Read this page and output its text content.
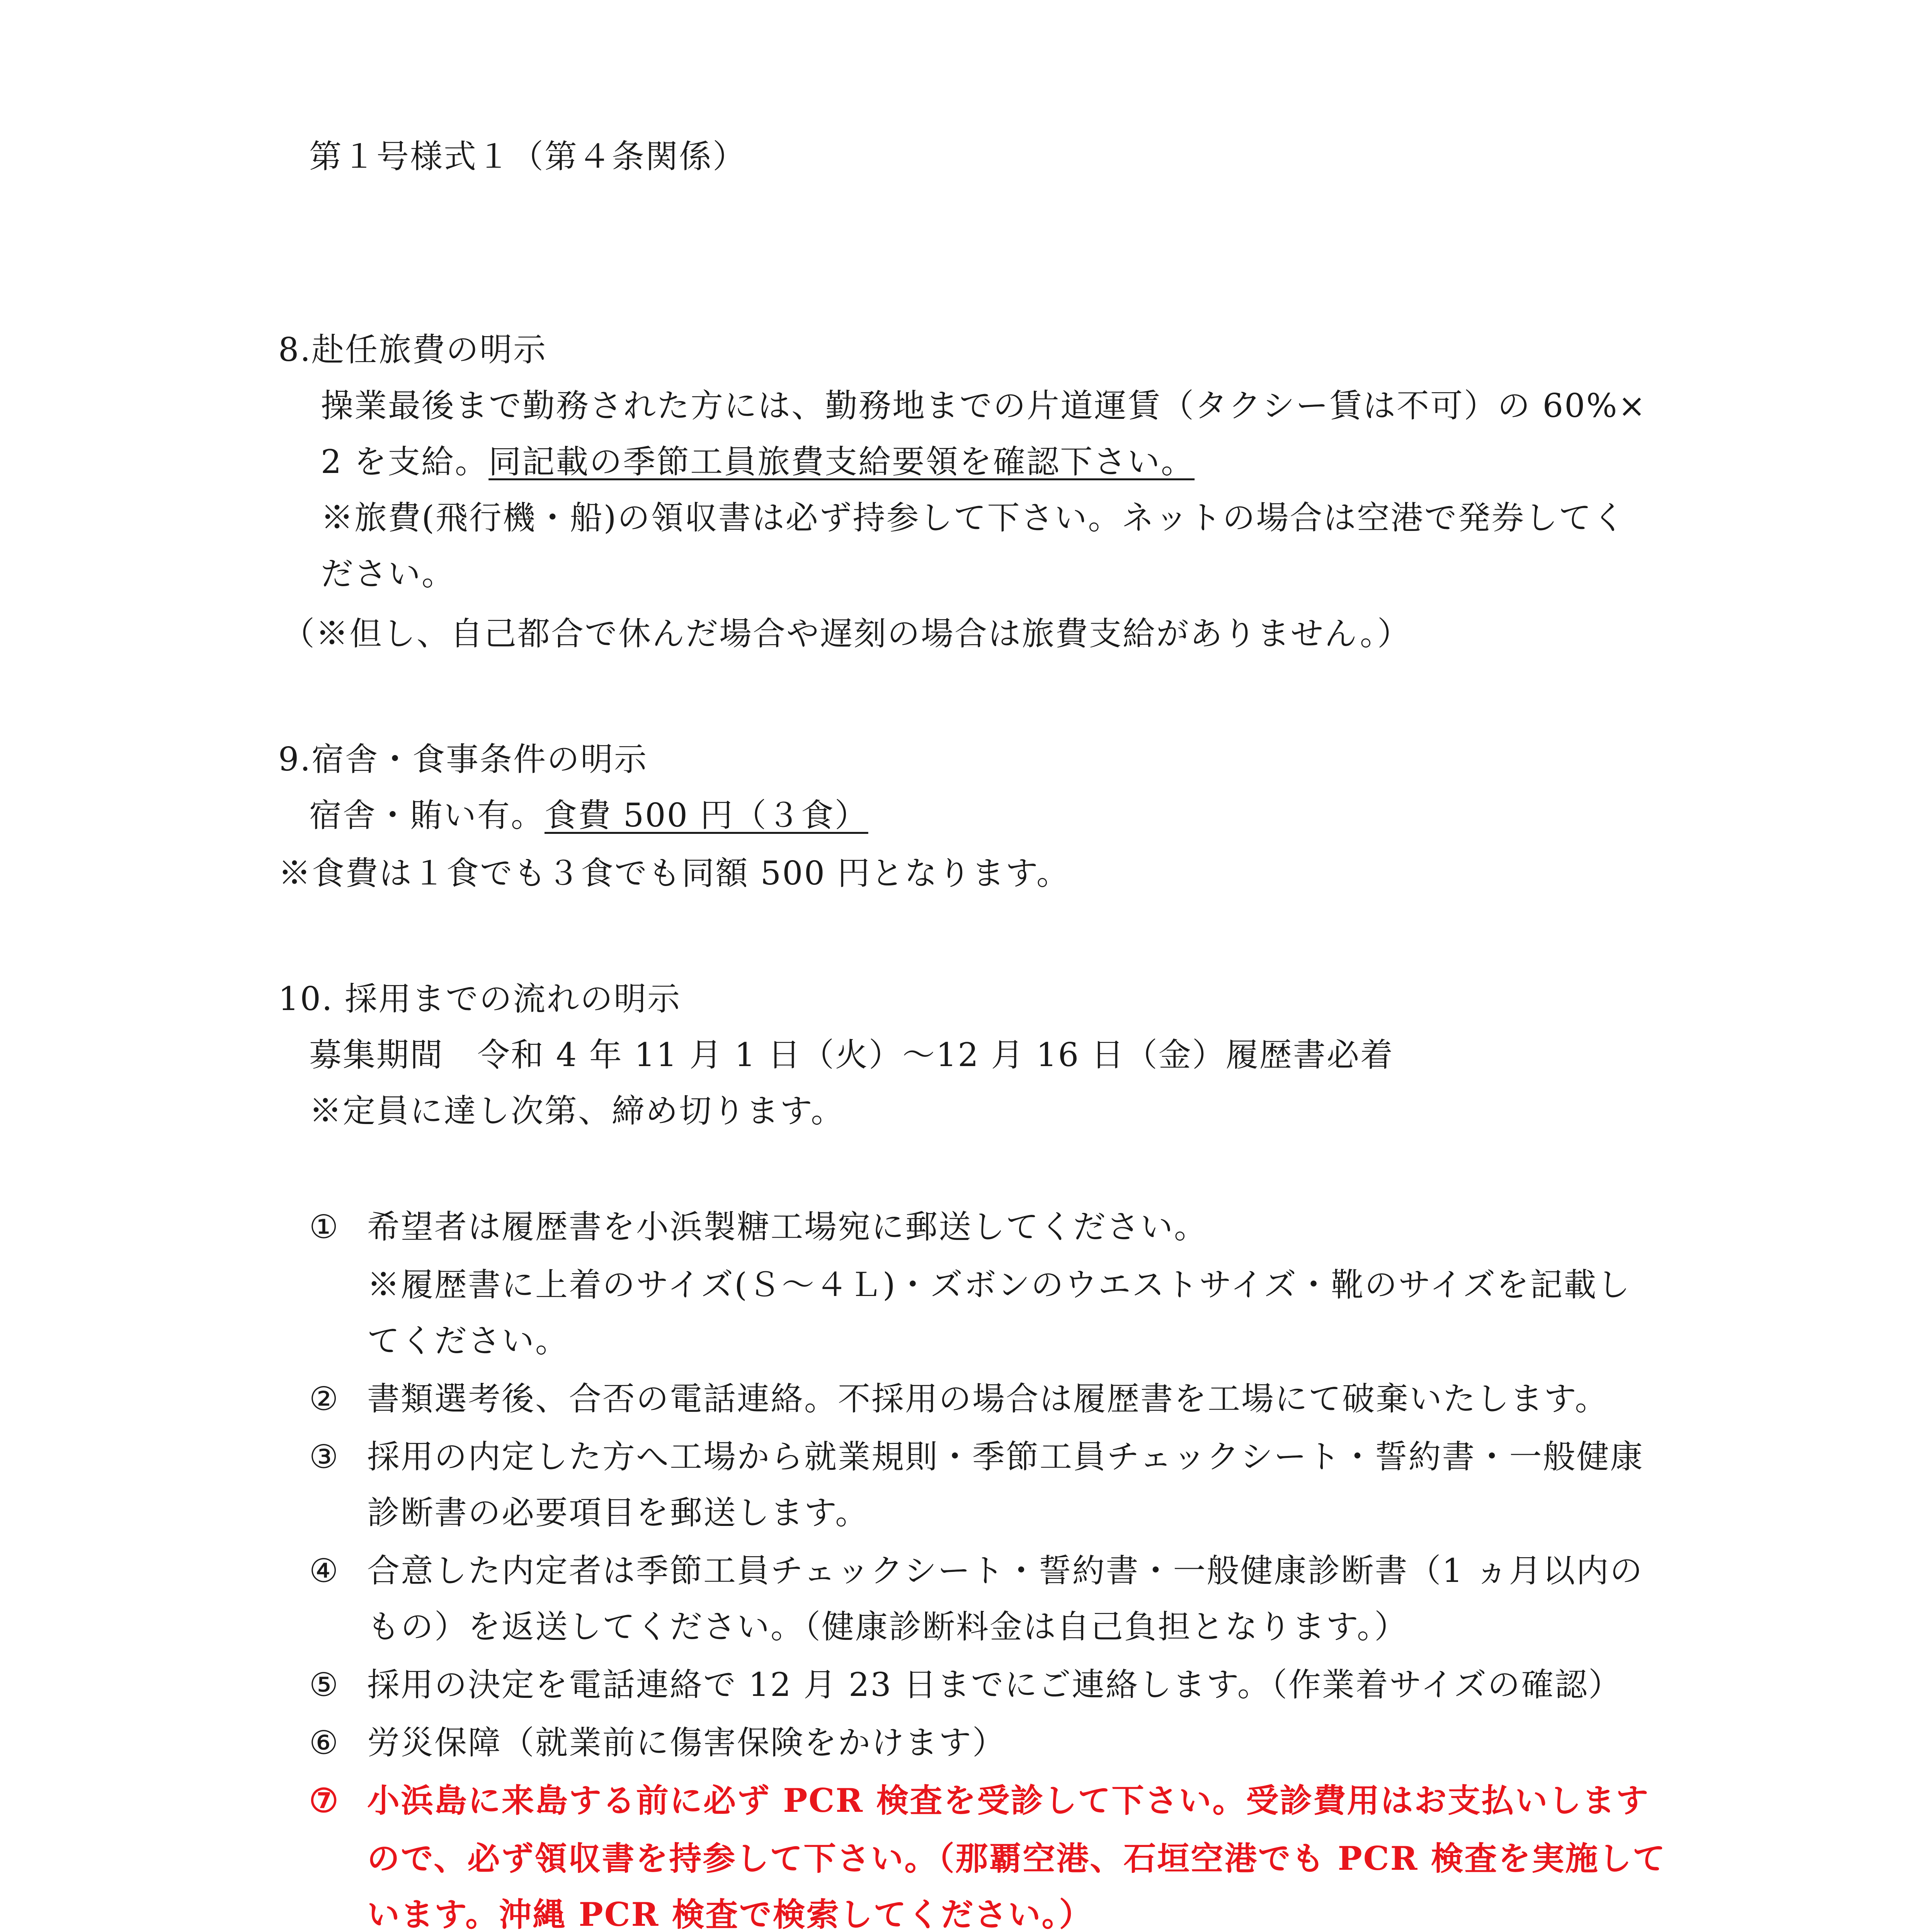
第１号様式１（第４条関係）
8.赴任旅費の明示
操業最後まで勤務された方には、勤務地までの片道運賃（タクシー賃は不可）の 60%×
2 を支給。同記載の季節工員旅費支給要領を確認下さい。
※旅費(飛行機・船)の領収書は必ず持参して下さい。ネットの場合は空港で発券してく
ださい。
（※但し、自己都合で休んだ場合や遅刻の場合は旅費支給がありません。）
9.宿舎・食事条件の明示
宿舎・賄い有。食費 500 円（３食）
※食費は１食でも３食でも同額 500 円となります。
10. 採用までの流れの明示
募集期間　令和 4 年 11 月 1 日（火）～12 月 16 日（金）履歴書必着
※定員に達し次第、締め切ります。
① 希望者は履歴書を小浜製糖工場宛に郵送してください。
※履歴書に上着のサイズ(Ｓ～４Ｌ)・ズボンのウエストサイズ・靴のサイズを記載し
てください。
② 書類選考後、合否の電話連絡。不採用の場合は履歴書を工場にて破棄いたします。
③ 採用の内定した方へ工場から就業規則・季節工員チェックシート・誓約書・一般健康
診断書の必要項目を郵送します。
④ 合意した内定者は季節工員チェックシート・誓約書・一般健康診断書（1 ヵ月以内の
もの）を返送してください。（健康診断料金は自己負担となります。）
⑤ 採用の決定を電話連絡で 12 月 23 日までにご連絡します。（作業着サイズの確認）
⑥ 労災保障（就業前に傷害保険をかけます）
⑦ 小浜島に来島する前に必ず PCR 検査を受診して下さい。受診費用はお支払いします
ので、必ず領収書を持参して下さい。（那覇空港、石垣空港でも PCR 検査を実施して
います。沖縄 PCR 検査で検索してください。）
